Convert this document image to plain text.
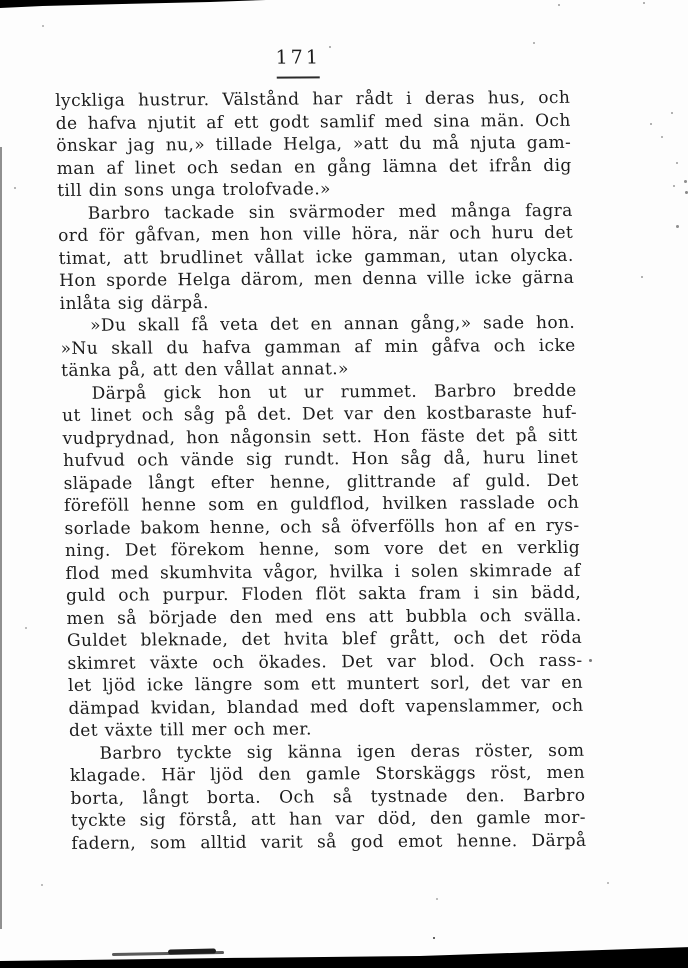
171
lyckliga hustrur. Välstånd har rådt i deras hus, och
de hafva njutit af ett godt samlif med sina män. Och
önskar jag nu,» tillade Helga, »att du må njuta gam-
man af linet och sedan en gång lämna det ifrån dig
till din sons unga trolofvade.»
Barbro tackade sin svärmoder med många fagra
ord för gåfvan, men hon ville höra, när och huru det
timat, att brudlinet vållat icke gamman, utan olycka.
Hon sporde Helga därom, men denna ville icke gärna
inlåta sig därpå.
»Du skall få veta det en annan gång,» sade hon.
»Nu skall du hafva gamman af min gåfva och icke
tänka på, att den vållat annat.»
Därpå gick hon ut ur rummet. Barbro bredde
ut linet och såg på det. Det var den kostbaraste huf-
vudprydnad, hon någonsin sett. Hon fäste det på sitt
hufvud och vände sig rundt. Hon såg då, huru linet
släpade långt efter henne, glittrande af guld. Det
föreföll henne som en guldflod, hvilken rasslade och
sorlade bakom henne, och så öfverfölls hon af en rys-
ning. Det förekom henne, som vore det en verklig
flod med skumhvita vågor, hvilka i solen skimrade af
guld och purpur. Floden flöt sakta fram i sin bädd,
men så började den med ens att bubbla och svälla.
Guldet bleknade, det hvita blef grått, och det röda
skimret växte och ökades. Det var blod. Och rass-
let ljöd icke längre som ett muntert sorl, det var en
dämpad kvidan, blandad med doft vapenslammer, och
det växte till mer och mer.
Barbro tyckte sig känna igen deras röster, som
klagade. Här ljöd den gamle Storskäggs röst, men
borta, långt borta. Och så tystnade den. Barbro
tyckte sig förstå, att han var död, den gamle mor-
fadern, som alltid varit så god emot henne. Därpå
